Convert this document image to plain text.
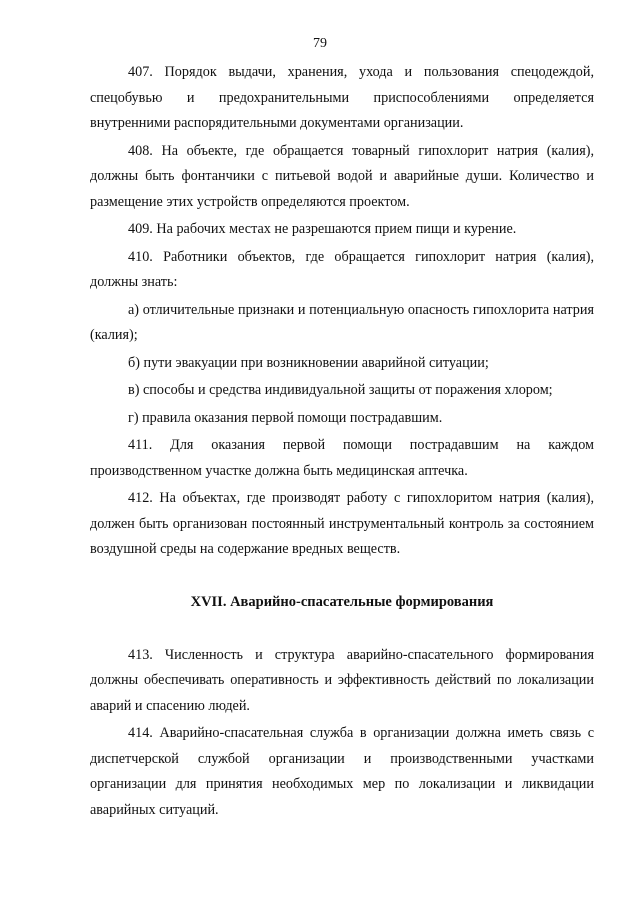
79

407. Порядок выдачи, хранения, ухода и пользования спецодеждой, спецобувью и предохранительными приспособлениями определяется внутренними распорядительными документами организации.

408. На объекте, где обращается товарный гипохлорит натрия (калия), должны быть фонтанчики с питьевой водой и аварийные души. Количество и размещение этих устройств определяются проектом.

409. На рабочих местах не разрешаются прием пищи и курение.

410. Работники объектов, где обращается гипохлорит натрия (калия), должны знать:

а) отличительные признаки и потенциальную опасность гипохлорита натрия (калия);

б) пути эвакуации при возникновении аварийной ситуации;

в) способы и средства индивидуальной защиты от поражения хлором;

г) правила оказания первой помощи пострадавшим.

411. Для оказания первой помощи пострадавшим на каждом производственном участке должна быть медицинская аптечка.

412. На объектах, где производят работу с гипохлоритом натрия (калия), должен быть организован постоянный инструментальный контроль за состоянием воздушной среды на содержание вредных веществ.

XVII. Аварийно-спасательные формирования

413. Численность и структура аварийно-спасательного формирования должны обеспечивать оперативность и эффективность действий по локализации аварий и спасению людей.

414. Аварийно-спасательная служба в организации должна иметь связь с диспетчерской службой организации и производственными участками организации для принятия необходимых мер по локализации и ликвидации аварийных ситуаций.
